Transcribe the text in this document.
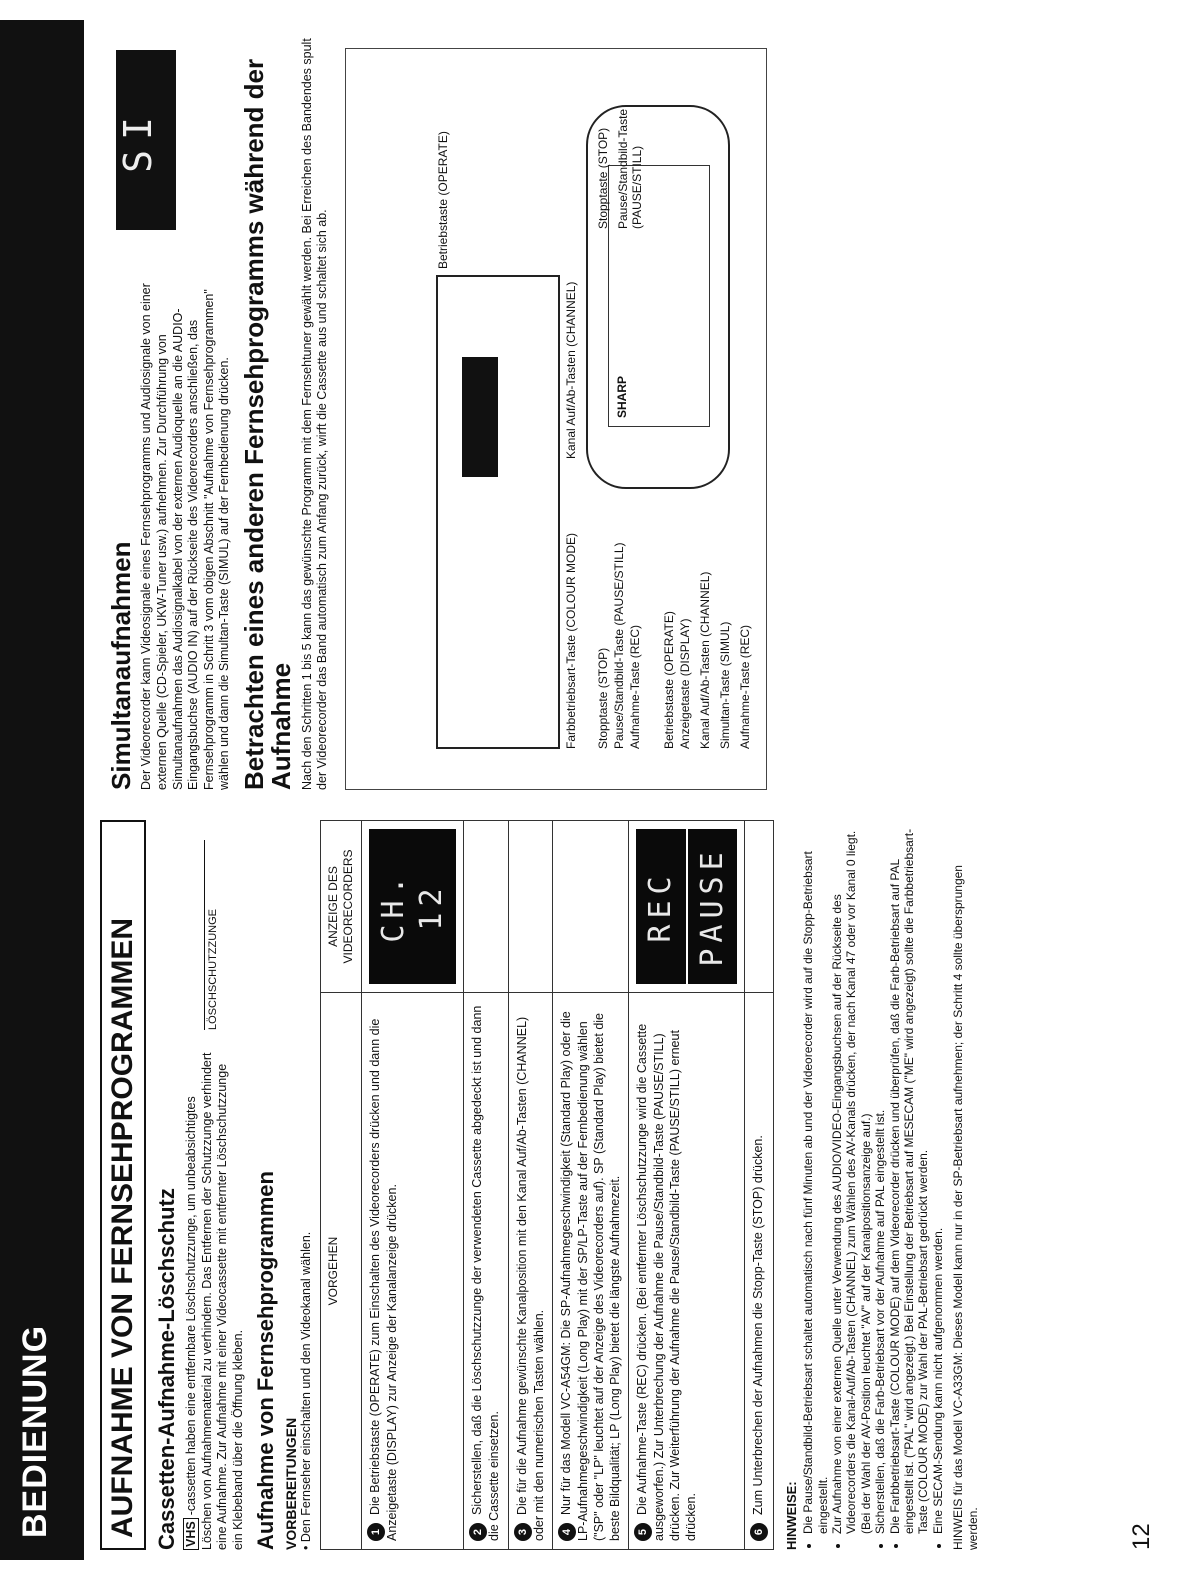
BEDIENUNG AUFNAHME VON FERNSEHPROGRAMMEN Cassetten-Aufnahme-Löschschutz
LÖSCHSCHUTZZUNGE

VHS-cassetten haben eine entfernbare Löschschutzzunge, um unbeabsichtigtes Löschen von Aufnahmematerial zu verhindern. Das Entfernen der Schutzzunge verhindert eine Aufnahme. Zur Aufnahme mit einer Videocassette mit entfernter Löschschutzzunge ein Klebeband über die Öffnung kleben. Aufnahme von Fernsehprogrammen VORBEREITUNGEN • Den Fernseher einschalten und den Videokanal wählen. VORGEHEN	ANZEIGE DES VIDEORECORDERS
1Die Betriebstaste (OPERATE) zum Einschalten des Videorecorders drücken und dann die Anzeigetaste (DISPLAY) zur Anzeige der Kanalanzeige drücken.	CH. 12

2Sicherstellen, daß die Löschschutzzunge der verwendeten Cassette abgedeckt ist und dann die Cassette einsetzen.	
3Die für die Aufnahme gewünschte Kanalposition mit den Kanal Auf/Ab-Tasten (CHANNEL) oder mit den numerischen Tasten wählen.	
4Nur für das Modell VC-A54GM: Die SP-Aufnahmegeschwindigkeit (Standard Play) oder die LP-Aufnahmegeschwindigkeit (Long Play) mit der SP/LP-Taste auf der Fernbedienung wählen ("SP" oder "LP" leuchtet auf der Anzeige des Videorecorders auf). SP (Standard Play) bietet die beste Bildqualität; LP (Long Play) bietet die längste Aufnahmezeit.	
5Die Aufnahme-Taste (REC) drücken. (Bei entfernter Löschschutzzunge wird die Cassette ausgeworfen.) Zur Unterbrechung der Aufnahme die Pause/Standbild-Taste (PAUSE/STILL) drücken. Zur Weiterführung der Aufnahme die Pause/Standbild-Taste (PAUSE/STILL) erneut drücken.	REC PAUSE

6Zum Unterbrechen der Aufnahmen die Stopp-Taste (STOP) drücken.	
HINWEISE: • Die Pause/Standbild-Betriebsart schaltet automatisch nach fünf Minuten ab und der Videorecorder wird auf die Stopp-Betriebsart eingestellt. • Zur Aufnahme von einer externen Quelle unter Verwendung des AUDIO/VIDEO-Eingangsbuchsen auf der Rückseite des Videorecorders die Kanal-Auf/Ab-Tasten (CHANNEL) zum Wählen des AV-Kanals drücken, der nach Kanal 47 oder vor Kanal 0 liegt. (Bei der Wahl der AV-Position leuchtet "AV" auf der Kanalpositionsanzeige auf.) • Sicherstellen, daß die Farb-Betriebsart vor der Aufnahme auf PAL eingestellt ist. • Die Farbbetriebsart-Taste (COLOUR MODE) auf dem Videorecorder drücken und überprüfen, daß die Farb-Betriebsart auf PAL eingestellt ist. ("PAL" wird angezeigt.) Bei Einstellung der Betriebsart auf MESECAM ("ME" wird angezeigt) sollte die Farbbetriebsart-Taste (COLOUR MODE) zur Wahl der PAL-Betriebsart gedrückt werden. • Eine SECAM-Sendung kann nicht aufgenommen werden. HINWEIS für das Modell VC-A33GM: Dieses Modell kann nur in der SP-Betriebsart aufnehmen; der Schritt 4 sollte übersprungen werden.

Simultanaufnahmen
SI

Der Videorecorder kann Videosignale eines Fernsehprogramms und Audiosignale von einer externen Quelle (CD-Spieler, UKW-Tuner usw.) aufnehmen. Zur Durchführung von Simultanaufnahmen das Audiosignalkabel von der externen Audioquelle an die AUDIO-Eingangsbuchse (AUDIO IN) auf der Rückseite des Videorecorders anschließen, das Fernsehprogramm in Schritt 3 vom obigen Abschnitt "Aufnahme von Fernsehprogrammen" wählen und dann die Simultan-Taste (SIMUL) auf der Fernbedienung drücken. Betrachten eines anderen Fernsehprogramms während der Aufnahme Nach den Schritten 1 bis 5 kann das gewünschte Programm mit dem Fernsehtuner gewählt werden. Bei Erreichen des Bandendes spult der Videorecorder das Band automatisch zum Anfang zurück, wirft die Cassette aus und schaltet sich ab.

Betriebstaste (OPERATE)
Kanal Auf/Ab-Tasten (CHANNEL)
Farbbetriebsart-Taste (COLOUR MODE) Stopptaste (STOP) Pause/Standbild-Taste (PAUSE/STILL) Aufnahme-Taste (REC)
SHARP
Betriebstaste (OPERATE) Anzeigetaste (DISPLAY) Kanal Auf/Ab-Tasten (CHANNEL) Simultan-Taste (SIMUL) Aufnahme-Taste (REC)
Stopptaste (STOP) Pause/Standbild-Taste (PAUSE/STILL)
12
